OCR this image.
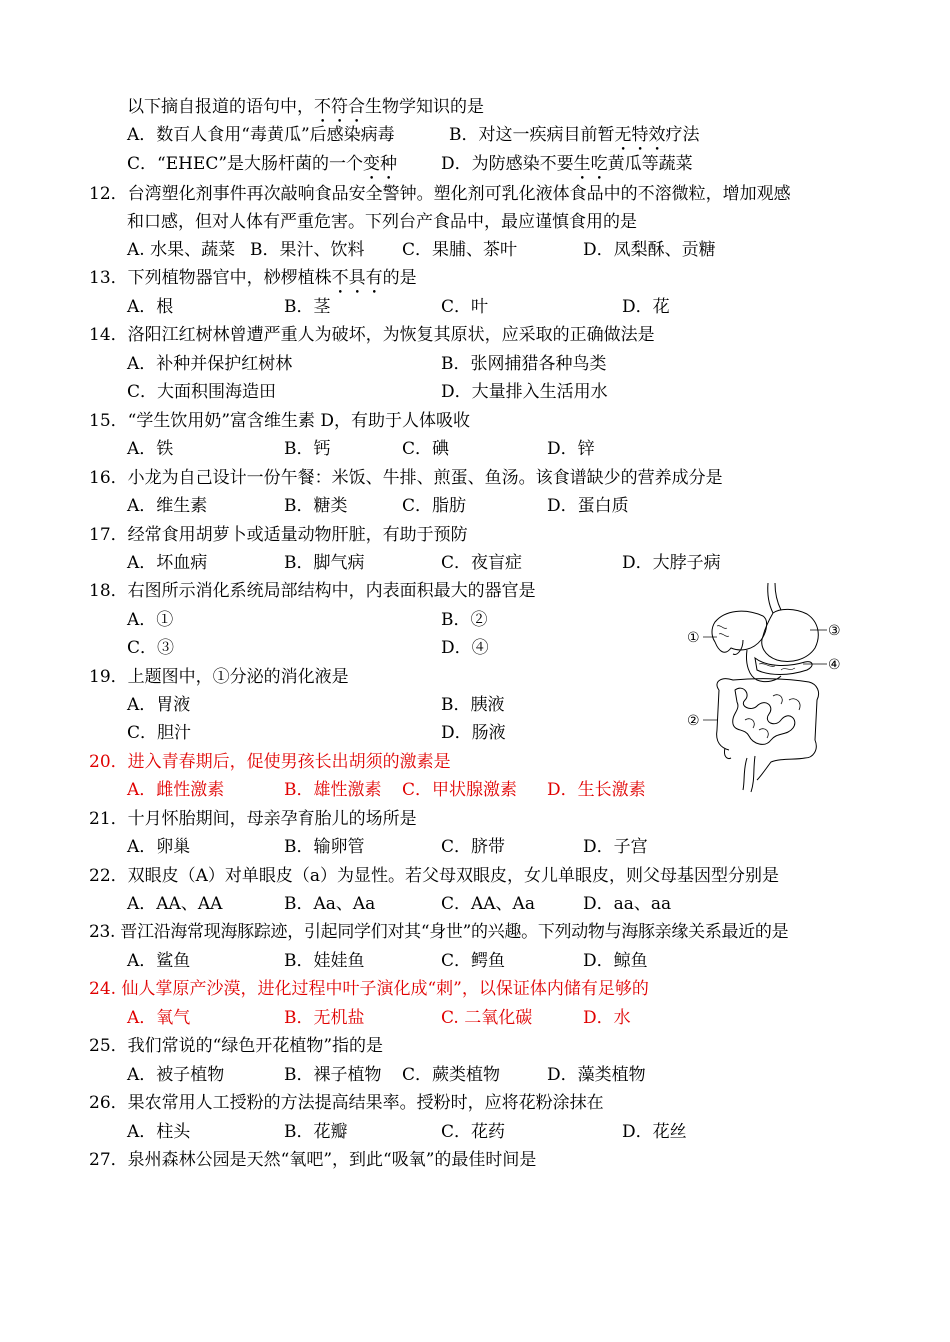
以下摘自报道的语句中，不符合生物学知识的是
A．数百人食用“毒黄瓜”后感染病毒	B．对这一疾病目前暂无特效疗法
C．“EHEC”是大肠杆菌的一个变种	D．为防感染不要生吃黄瓜等蔬菜
12．台湾塑化剂事件再次敲响食品安全警钟。塑化剂可乳化液体食品中的不溶微粒，增加观感
和口感，但对人体有严重危害。下列台产食品中，最应谨慎食用的是
A. 水果、蔬菜 B．果汁、饮料 C．果脯、茶叶	D．凤梨酥、贡糖
13．下列植物器官中，桫椤植株不具有的是
A．根	B．茎	C．叶	D．花
14．洛阳江红树林曾遭严重人为破坏，为恢复其原状，应采取的正确做法是
A．补种并保护红树林	B．张网捕猎各种鸟类
C．大面积围海造田	D．大量排入生活用水
15．“学生饮用奶”富含维生素 D，有助于人体吸收
A．铁	B．钙	C．碘	D．锌
16．小龙为自己设计一份午餐：米饭、牛排、煎蛋、鱼汤。该食谱缺少的营养成分是
A．维生素	B．糖类	C．脂肪	D．蛋白质
17．经常食用胡萝卜或适量动物肝脏，有助于预防
A．坏血病	B．脚气病	C．夜盲症	D．大脖子病
18．右图所示消化系统局部结构中，内表面积最大的器官是
A．①	B．②
C．③	D．④
19．上题图中，①分泌的消化液是
A．胃液	B．胰液
C．胆汁	D．肠液
20．进入青春期后，促使男孩长出胡须的激素是
A．雌性激素	B．雄性激素 C．甲状腺激素 D．生长激素
21．十月怀胎期间，母亲孕育胎儿的场所是
A．卵巢	B．输卵管	C．脐带	D．子宫
22．双眼皮（A）对单眼皮（a）为显性。若父母双眼皮，女儿单眼皮，则父母基因型分别是
A．AA、AA	B．Aa、Aa	C．AA、Aa	D．aa、aa
23. 晋江沿海常现海豚踪迹，引起同学们对其“身世”的兴趣。下列动物与海豚亲缘关系最近的是
A．鲨鱼	B．娃娃鱼	C．鳄鱼	D．鲸鱼
24. 仙人掌原产沙漠，进化过程中叶子演化成“刺”，以保证体内储有足够的
A．氧气	B．无机盐	C. 二氧化碳	D．水
25．我们常说的“绿色开花植物”指的是
A．被子植物	B．裸子植物 C．蕨类植物	D．藻类植物
26．果农常用人工授粉的方法提高结果率。授粉时，应将花粉涂抹在
A．柱头	B．花瓣	C．花药	D．花丝
27．泉州森林公园是天然“氧吧”，到此“吸氧”的最佳时间是
①	③
④
②
